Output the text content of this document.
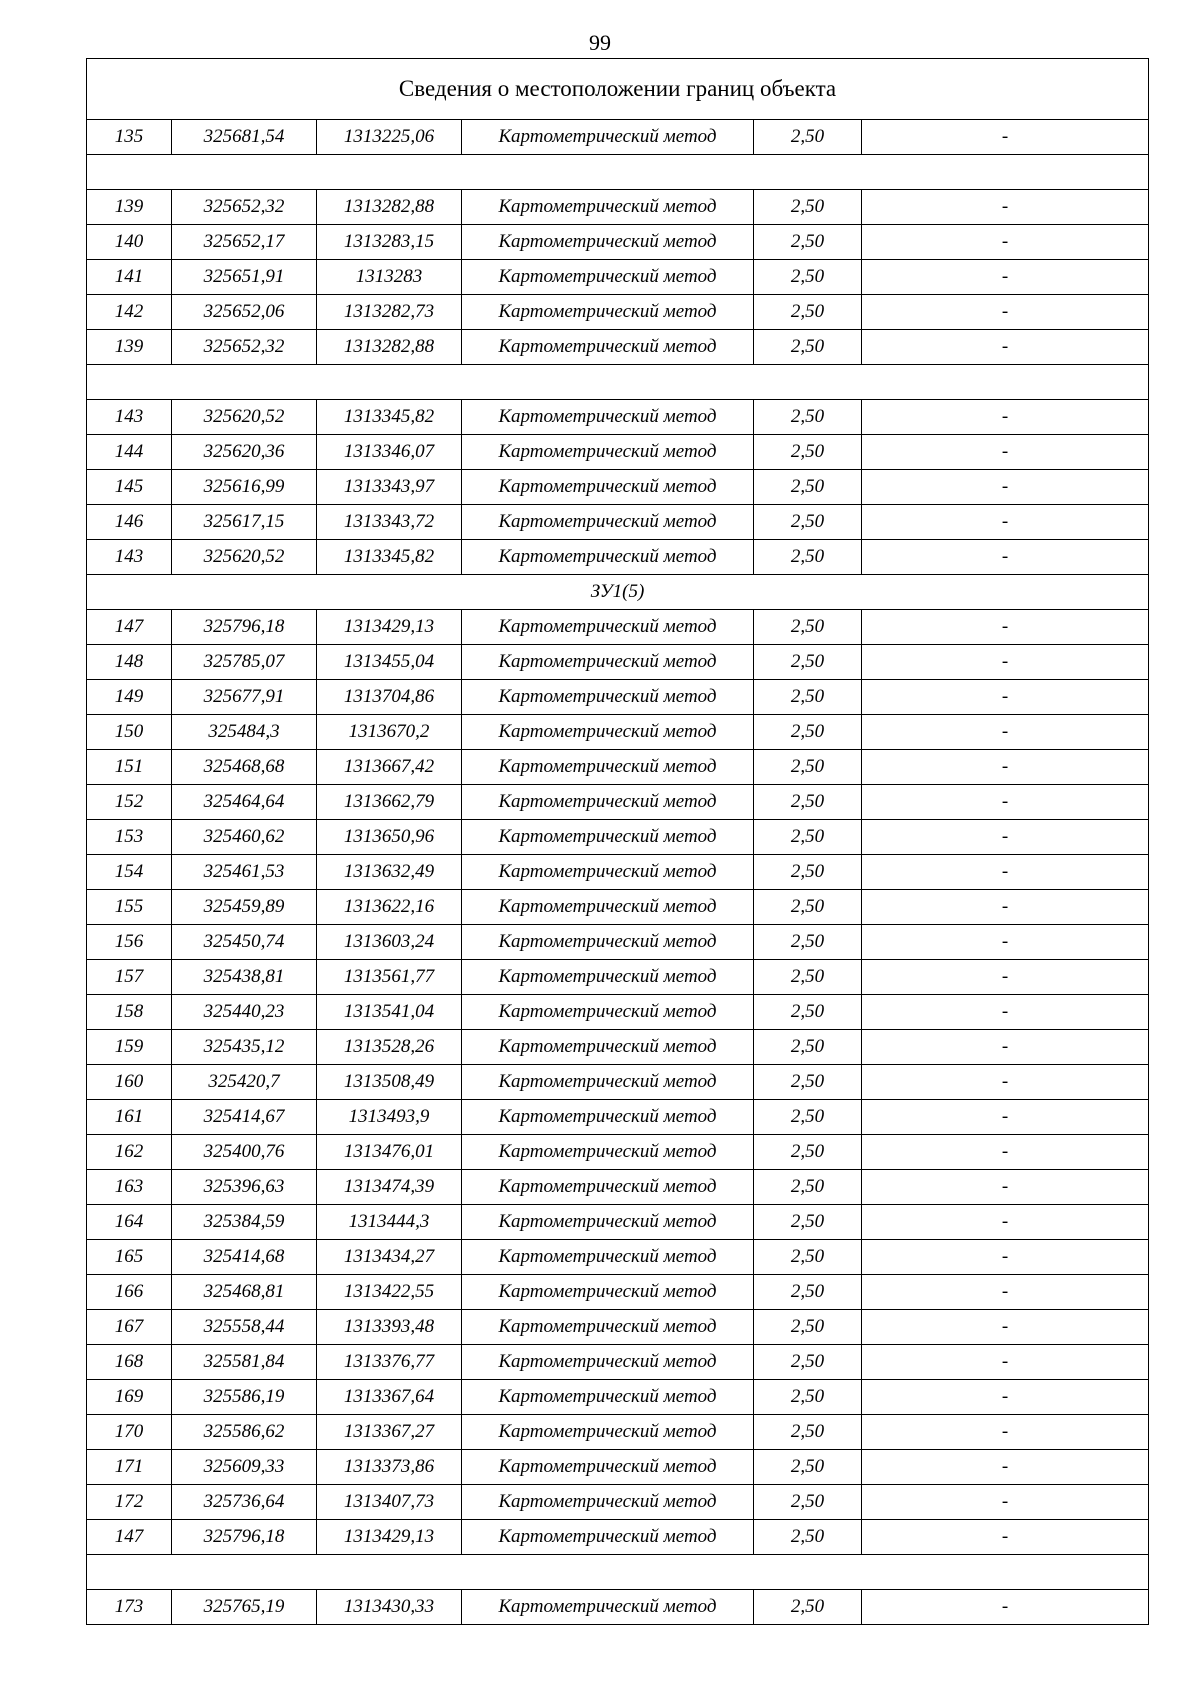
99
Сведения о местоположении границ объекта					
135	325681,54	1313225,06	Картометрический метод	2,50	-

139	325652,32	1313282,88	Картометрический метод	2,50	-
140	325652,17	1313283,15	Картометрический метод	2,50	-
141	325651,91	1313283	Картометрический метод	2,50	-
142	325652,06	1313282,73	Картометрический метод	2,50	-
139	325652,32	1313282,88	Картометрический метод	2,50	-

143	325620,52	1313345,82	Картометрический метод	2,50	-
144	325620,36	1313346,07	Картометрический метод	2,50	-
145	325616,99	1313343,97	Картометрический метод	2,50	-
146	325617,15	1313343,72	Картометрический метод	2,50	-
143	325620,52	1313345,82	Картометрический метод	2,50	-
ЗУ1(5)					
147	325796,18	1313429,13	Картометрический метод	2,50	-
148	325785,07	1313455,04	Картометрический метод	2,50	-
149	325677,91	1313704,86	Картометрический метод	2,50	-
150	325484,3	1313670,2	Картометрический метод	2,50	-
151	325468,68	1313667,42	Картометрический метод	2,50	-
152	325464,64	1313662,79	Картометрический метод	2,50	-
153	325460,62	1313650,96	Картометрический метод	2,50	-
154	325461,53	1313632,49	Картометрический метод	2,50	-
155	325459,89	1313622,16	Картометрический метод	2,50	-
156	325450,74	1313603,24	Картометрический метод	2,50	-
157	325438,81	1313561,77	Картометрический метод	2,50	-
158	325440,23	1313541,04	Картометрический метод	2,50	-
159	325435,12	1313528,26	Картометрический метод	2,50	-
160	325420,7	1313508,49	Картометрический метод	2,50	-
161	325414,67	1313493,9	Картометрический метод	2,50	-
162	325400,76	1313476,01	Картометрический метод	2,50	-
163	325396,63	1313474,39	Картометрический метод	2,50	-
164	325384,59	1313444,3	Картометрический метод	2,50	-
165	325414,68	1313434,27	Картометрический метод	2,50	-
166	325468,81	1313422,55	Картометрический метод	2,50	-
167	325558,44	1313393,48	Картометрический метод	2,50	-
168	325581,84	1313376,77	Картометрический метод	2,50	-
169	325586,19	1313367,64	Картометрический метод	2,50	-
170	325586,62	1313367,27	Картометрический метод	2,50	-
171	325609,33	1313373,86	Картометрический метод	2,50	-
172	325736,64	1313407,73	Картометрический метод	2,50	-
147	325796,18	1313429,13	Картометрический метод	2,50	-

173	325765,19	1313430,33	Картометрический метод	2,50	-
